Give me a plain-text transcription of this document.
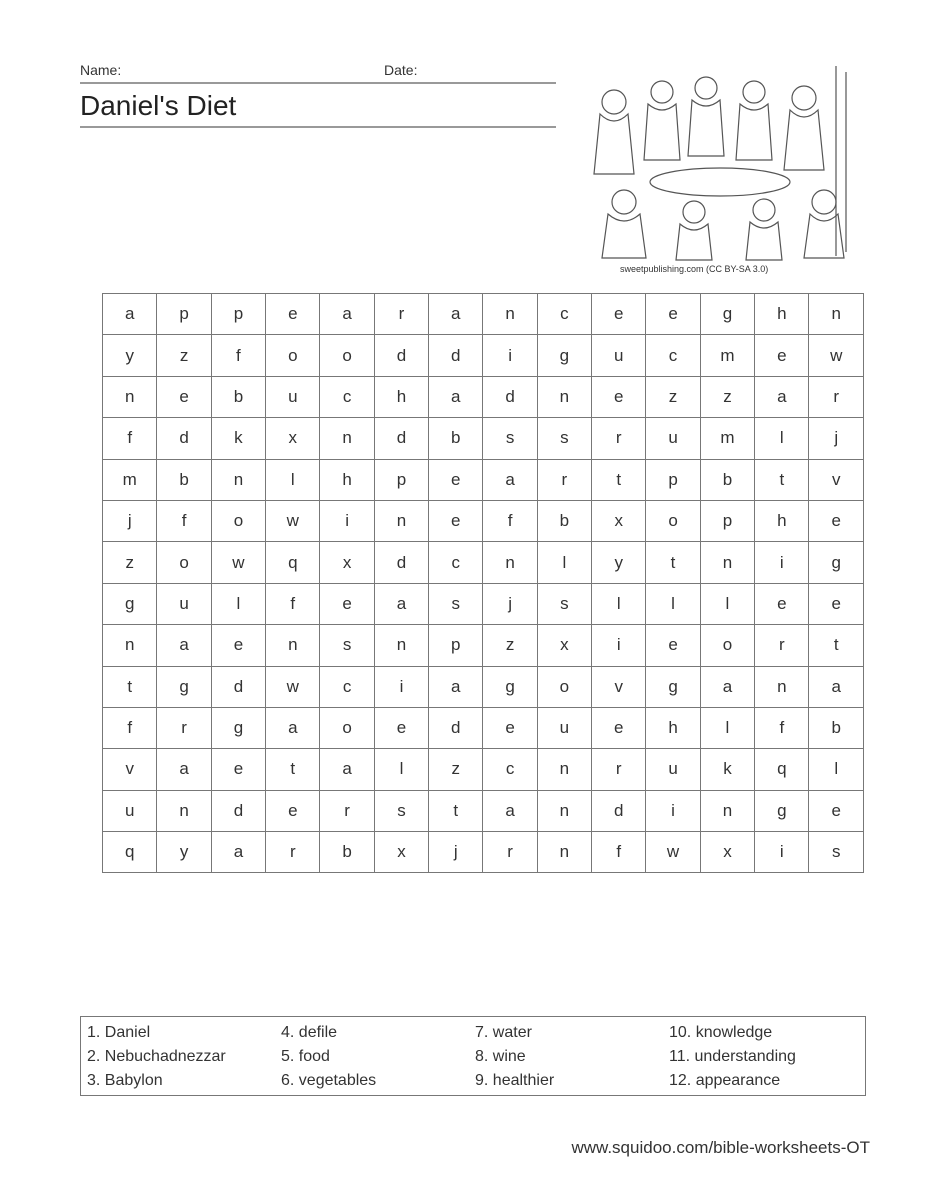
Name:	Date:
Daniel's Diet
sweetpublishing.com (CC BY-SA 3.0)
a	p	p	e	a	r	a	n	c	e	e	g	h	n
y	z	f	o	o	d	d	i	g	u	c	m	e	w
n	e	b	u	c	h	a	d	n	e	z	z	a	r
f	d	k	x	n	d	b	s	s	r	u	m	l	j
m	b	n	l	h	p	e	a	r	t	p	b	t	v
j	f	o	w	i	n	e	f	b	x	o	p	h	e
z	o	w	q	x	d	c	n	l	y	t	n	i	g
g	u	l	f	e	a	s	j	s	l	l	l	e	e
n	a	e	n	s	n	p	z	x	i	e	o	r	t
t	g	d	w	c	i	a	g	o	v	g	a	n	a
f	r	g	a	o	e	d	e	u	e	h	l	f	b
v	a	e	t	a	l	z	c	n	r	u	k	q	l
u	n	d	e	r	s	t	a	n	d	i	n	g	e
q	y	a	r	b	x	j	r	n	f	w	x	i	s
1. Daniel
2. Nebuchadnezzar
3. Babylon
4. defile
5. food
6. vegetables
7. water
8. wine
9. healthier
10. knowledge
11. understanding
12. appearance
www.squidoo.com/bible-worksheets-OT
